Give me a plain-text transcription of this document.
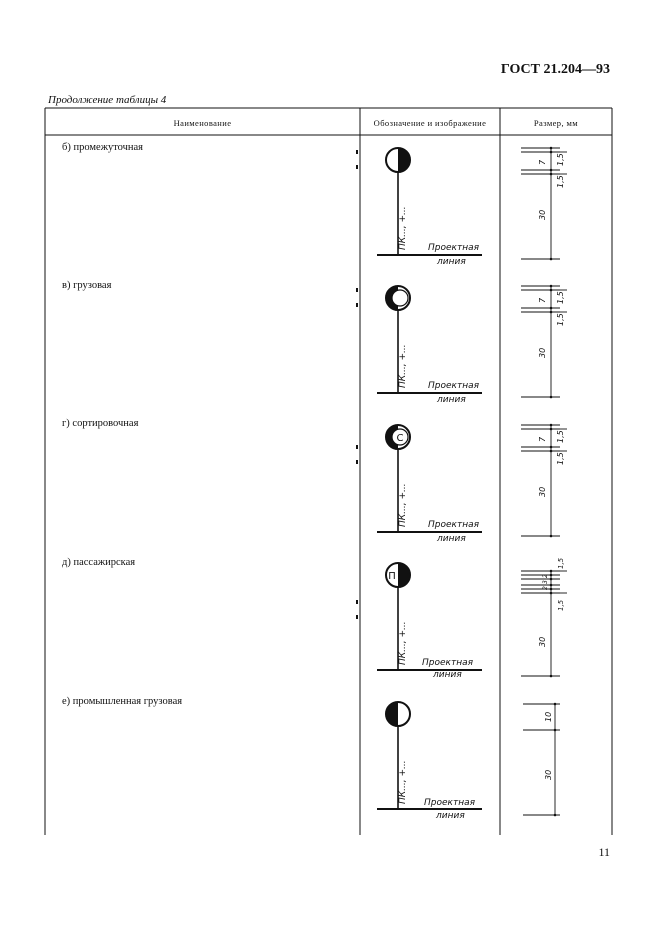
ГОСТ 21.204—93
Продолжение таблицы 4
Наименование	Обозначение и изображение	Размер, мм
б) промежуточная
в) грузовая
г) сортировочная
д) пассажирская
е) промышленная грузовая
ПК..., +... Проектная
линия
1,5
7
1,5
30
ПК..., +... Проектная
линия
1,5
7
1,5
30
С
ПК..., +... Проектная
линия
1,5
7
1,5
30
П
ПК..., +... Проектная
линия
1,5
2
3
2
1,5
30
ПК..., +... Проектная
линия
10
30
11
